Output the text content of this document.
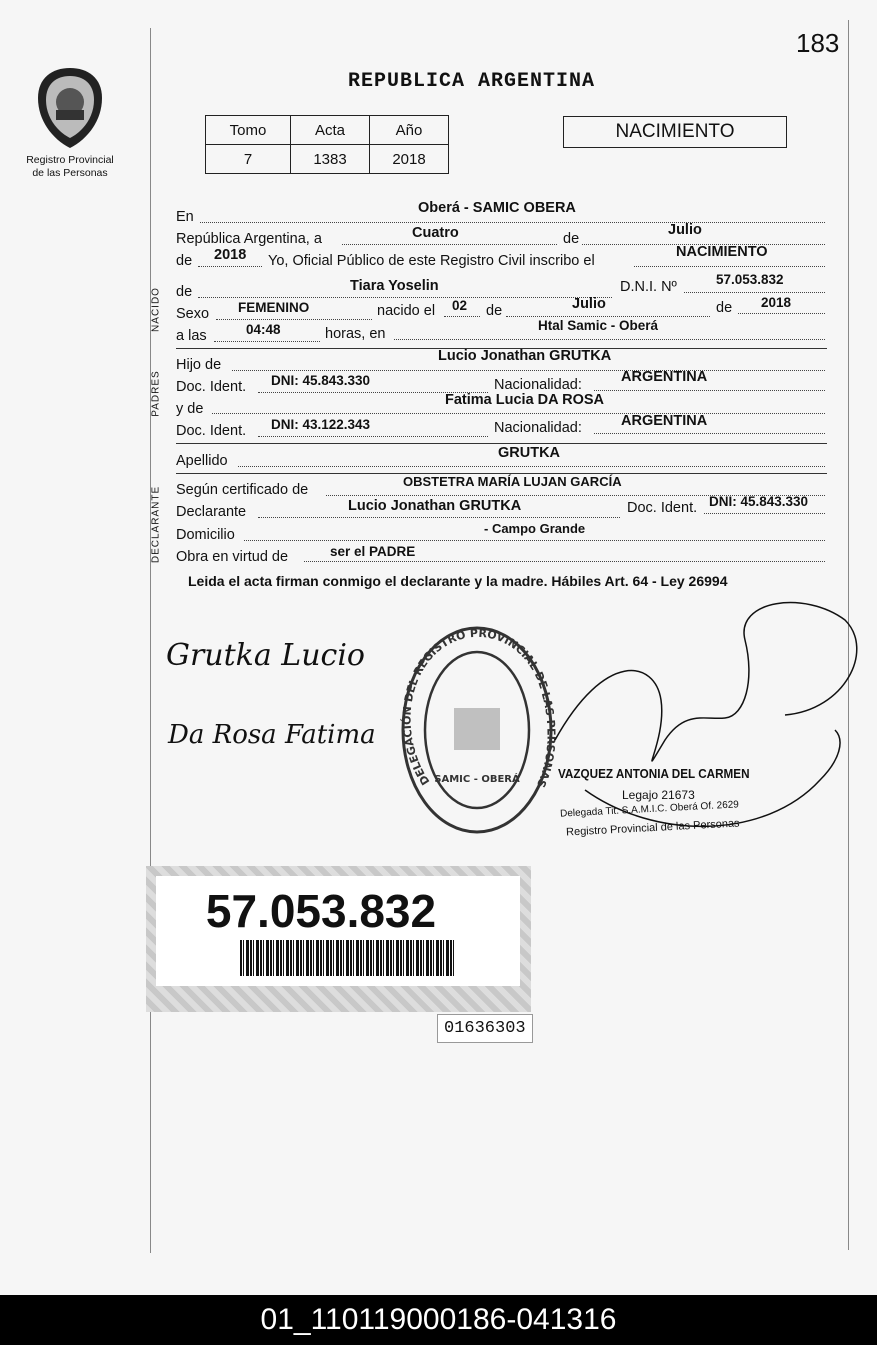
183
Registro Provincial
de las Personas
REPUBLICA ARGENTINA
Tomo	Acta	Año
7	1383	2018
NACIMIENTO
En
Oberá - SAMIC OBERA
República Argentina, a	Cuatro	de
Julio
de 2018 Yo, Oficial Público de este Registro Civil inscribo el
NACIMIENTO
NACIDO de	Tiara Yoselin	D.N.I. Nº	57.053.832
Sexo FEMENINO	nacido el 02 de	Julio	de 2018
a las	04:48	horas, en
Htal Samic - Oberá
PADRES
Hijo de
Lucio Jonathan GRUTKA
Doc. Ident. DNI: 45.843.330	Nacionalidad:	ARGENTINA
y de
Fatima Lucia DA ROSA
Doc. Ident. DNI: 43.122.343	Nacionalidad:	ARGENTINA
Apellido	GRUTKA
DECLARANTE Según certificado de
OBSTETRA MARÍA LUJAN GARCÍA
Declarante	Lucio Jonathan GRUTKA	Doc. Ident. DNI: 45.843.330
Domicilio	- Campo Grande
Obra en virtud de	ser el PADRE
Leida el acta firman conmigo el declarante y la madre. Hábiles Art. 64 - Ley 26994
Grutka Lucio
Da Rosa Fatima
DELEGACIÓN DEL REGISTRO PROVINCIAL DE LAS SONAS
SAMIC - OBERÁ	VAZQUEZ ANTONIA DEL CARMEN
Legajo 21673
Delegada Tit. S.A.M.I.C. Oberá Of. 2629
Registro Provincial de las Personas
57.053.832
01636303
01_110119000186-041316
